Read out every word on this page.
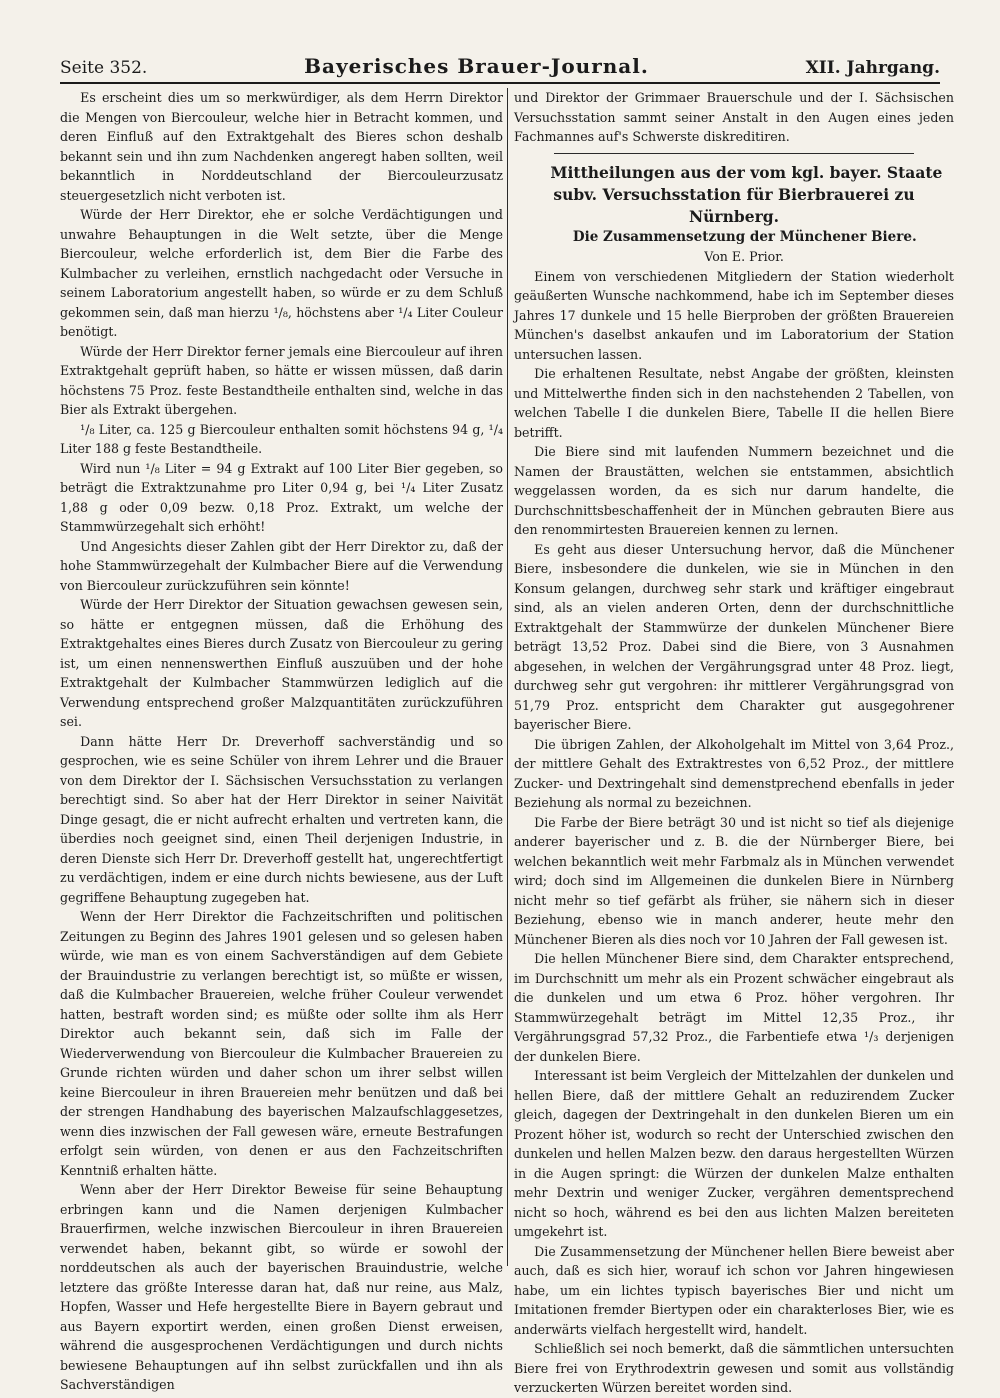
Seite 352.	Bayerisches Brauer-Journal.	XII. Jahrgang.

Es erscheint dies um so merkwürdiger, als dem Herrn Direktor die Mengen von Biercouleur, welche hier in Betracht kommen, und deren Einfluß auf den Extraktgehalt des Bieres schon deshalb bekannt sein und ihn zum Nachdenken angeregt haben sollten, weil bekanntlich in Norddeutschland der Biercouleurzusatz steuergesetzlich nicht verboten ist.

Würde der Herr Direktor, ehe er solche Verdächtigungen und unwahre Behauptungen in die Welt setzte, über die Menge Biercouleur, welche erforderlich ist, dem Bier die Farbe des Kulmbacher zu verleihen, ernstlich nachgedacht oder Versuche in seinem Laboratorium angestellt haben, so würde er zu dem Schluß gekommen sein, daß man hierzu ¹/₈, höchstens aber ¹/₄ Liter Couleur benötigt.

Würde der Herr Direktor ferner jemals eine Biercouleur auf ihren Extraktgehalt geprüft haben, so hätte er wissen müssen, daß darin höchstens 75 Proz. feste Bestandtheile enthalten sind, welche in das Bier als Extrakt übergehen.

¹/₈ Liter, ca. 125 g Biercouleur enthalten somit höchstens 94 g, ¹/₄ Liter 188 g feste Bestandtheile.

Wird nun ¹/₈ Liter = 94 g Extrakt auf 100 Liter Bier gegeben, so beträgt die Extraktzunahme pro Liter 0,94 g, bei ¹/₄ Liter Zusatz 1,88 g oder 0,09 bezw. 0,18 Proz. Extrakt, um welche der Stammwürzegehalt sich erhöht!

Und Angesichts dieser Zahlen gibt der Herr Direktor zu, daß der hohe Stammwürzegehalt der Kulmbacher Biere auf die Verwendung von Biercouleur zurückzuführen sein könnte!

Würde der Herr Direktor der Situation gewachsen gewesen sein, so hätte er entgegnen müssen, daß die Erhöhung des Extraktgehaltes eines Bieres durch Zusatz von Biercouleur zu gering ist, um einen nennenswerthen Einfluß auszuüben und der hohe Extraktgehalt der Kulmbacher Stammwürzen lediglich auf die Verwendung entsprechend großer Malzquantitäten zurückzuführen sei.

Dann hätte Herr Dr. Dreverhoff sachverständig und so gesprochen, wie es seine Schüler von ihrem Lehrer und die Brauer von dem Direktor der I. Sächsischen Versuchsstation zu verlangen berechtigt sind. So aber hat der Herr Direktor in seiner Naivität Dinge gesagt, die er nicht aufrecht erhalten und vertreten kann, die überdies noch geeignet sind, einen Theil derjenigen Industrie, in deren Dienste sich Herr Dr. Dreverhoff gestellt hat, ungerechtfertigt zu verdächtigen, indem er eine durch nichts bewiesene, aus der Luft gegriffene Behauptung zugegeben hat.

Wenn der Herr Direktor die Fachzeitschriften und politischen Zeitungen zu Beginn des Jahres 1901 gelesen und so gelesen haben würde, wie man es von einem Sachverständigen auf dem Gebiete der Brauindustrie zu verlangen berechtigt ist, so müßte er wissen, daß die Kulmbacher Brauereien, welche früher Couleur verwendet hatten, bestraft worden sind; es müßte oder sollte ihm als Herr Direktor auch bekannt sein, daß sich im Falle der Wiederverwendung von Biercouleur die Kulmbacher Brauereien zu Grunde richten würden und daher schon um ihrer selbst willen keine Biercouleur in ihren Brauereien mehr benützen und daß bei der strengen Handhabung des bayerischen Malzaufschlaggesetzes, wenn dies inzwischen der Fall gewesen wäre, erneute Bestrafungen erfolgt sein würden, von denen er aus den Fachzeitschriften Kenntniß erhalten hätte.

Wenn aber der Herr Direktor Beweise für seine Behauptung erbringen kann und die Namen derjenigen Kulmbacher Brauerfirmen, welche inzwischen Biercouleur in ihren Brauereien verwendet haben, bekannt gibt, so würde er sowohl der norddeutschen als auch der bayerischen Brauindustrie, welche letztere das größte Interesse daran hat, daß nur reine, aus Malz, Hopfen, Wasser und Hefe hergestellte Biere in Bayern gebraut und aus Bayern exportirt werden, einen großen Dienst erweisen, während die ausgesprochenen Verdächtigungen und durch nichts bewiesene Behauptungen auf ihn selbst zurückfallen und ihn als Sachverständigen

und Direktor der Grimmaer Brauerschule und der I. Sächsischen Versuchsstation sammt seiner Anstalt in den Augen eines jeden Fachmannes auf's Schwerste diskreditiren.

Mittheilungen aus der vom kgl. bayer. Staate subv. Versuchsstation für Bierbrauerei zu Nürnberg.

Die Zusammensetzung der Münchener Biere.

Von E. Prior.

Einem von verschiedenen Mitgliedern der Station wiederholt geäußerten Wunsche nachkommend, habe ich im September dieses Jahres 17 dunkele und 15 helle Bierproben der größten Brauereien München's daselbst ankaufen und im Laboratorium der Station untersuchen lassen.

Die erhaltenen Resultate, nebst Angabe der größten, kleinsten und Mittelwerthe finden sich in den nachstehenden 2 Tabellen, von welchen Tabelle I die dunkelen Biere, Tabelle II die hellen Biere betrifft.

Die Biere sind mit laufenden Nummern bezeichnet und die Namen der Braustätten, welchen sie entstammen, absichtlich weggelassen worden, da es sich nur darum handelte, die Durchschnittsbeschaffenheit der in München gebrauten Biere aus den renommirtesten Brauereien kennen zu lernen.

Es geht aus dieser Untersuchung hervor, daß die Münchener Biere, insbesondere die dunkelen, wie sie in München in den Konsum gelangen, durchweg sehr stark und kräftiger eingebraut sind, als an vielen anderen Orten, denn der durchschnittliche Extraktgehalt der Stammwürze der dunkelen Münchener Biere beträgt 13,52 Proz. Dabei sind die Biere, von 3 Ausnahmen abgesehen, in welchen der Vergährungsgrad unter 48 Proz. liegt, durchweg sehr gut vergohren: ihr mittlerer Vergährungsgrad von 51,79 Proz. entspricht dem Charakter gut ausgegohrener bayerischer Biere.

Die übrigen Zahlen, der Alkoholgehalt im Mittel von 3,64 Proz., der mittlere Gehalt des Extraktrestes von 6,52 Proz., der mittlere Zucker- und Dextringehalt sind demenstprechend ebenfalls in jeder Beziehung als normal zu bezeichnen.

Die Farbe der Biere beträgt 30 und ist nicht so tief als diejenige anderer bayerischer und z. B. die der Nürnberger Biere, bei welchen bekanntlich weit mehr Farbmalz als in München verwendet wird; doch sind im Allgemeinen die dunkelen Biere in Nürnberg nicht mehr so tief gefärbt als früher, sie nähern sich in dieser Beziehung, ebenso wie in manch anderer, heute mehr den Münchener Bieren als dies noch vor 10 Jahren der Fall gewesen ist.

Die hellen Münchener Biere sind, dem Charakter entsprechend, im Durchschnitt um mehr als ein Prozent schwächer eingebraut als die dunkelen und um etwa 6 Proz. höher vergohren. Ihr Stammwürzegehalt beträgt im Mittel 12,35 Proz., ihr Vergährungsgrad 57,32 Proz., die Farbentiefe etwa ¹/₃ derjenigen der dunkelen Biere.

Interessant ist beim Vergleich der Mittelzahlen der dunkelen und hellen Biere, daß der mittlere Gehalt an reduzirendem Zucker gleich, dagegen der Dextringehalt in den dunkelen Bieren um ein Prozent höher ist, wodurch so recht der Unterschied zwischen den dunkelen und hellen Malzen bezw. den daraus hergestellten Würzen in die Augen springt: die Würzen der dunkelen Malze enthalten mehr Dextrin und weniger Zucker, vergähren dementsprechend nicht so hoch, während es bei den aus lichten Malzen bereiteten umgekehrt ist.

Die Zusammensetzung der Münchener hellen Biere beweist aber auch, daß es sich hier, worauf ich schon vor Jahren hingewiesen habe, um ein lichtes typisch bayerisches Bier und nicht um Imitationen fremder Biertypen oder ein charakterloses Bier, wie es anderwärts vielfach hergestellt wird, handelt.

Schließlich sei noch bemerkt, daß die sämmtlichen untersuchten Biere frei von Erythrodextrin gewesen und somit aus vollständig verzuckerten Würzen bereitet worden sind.
